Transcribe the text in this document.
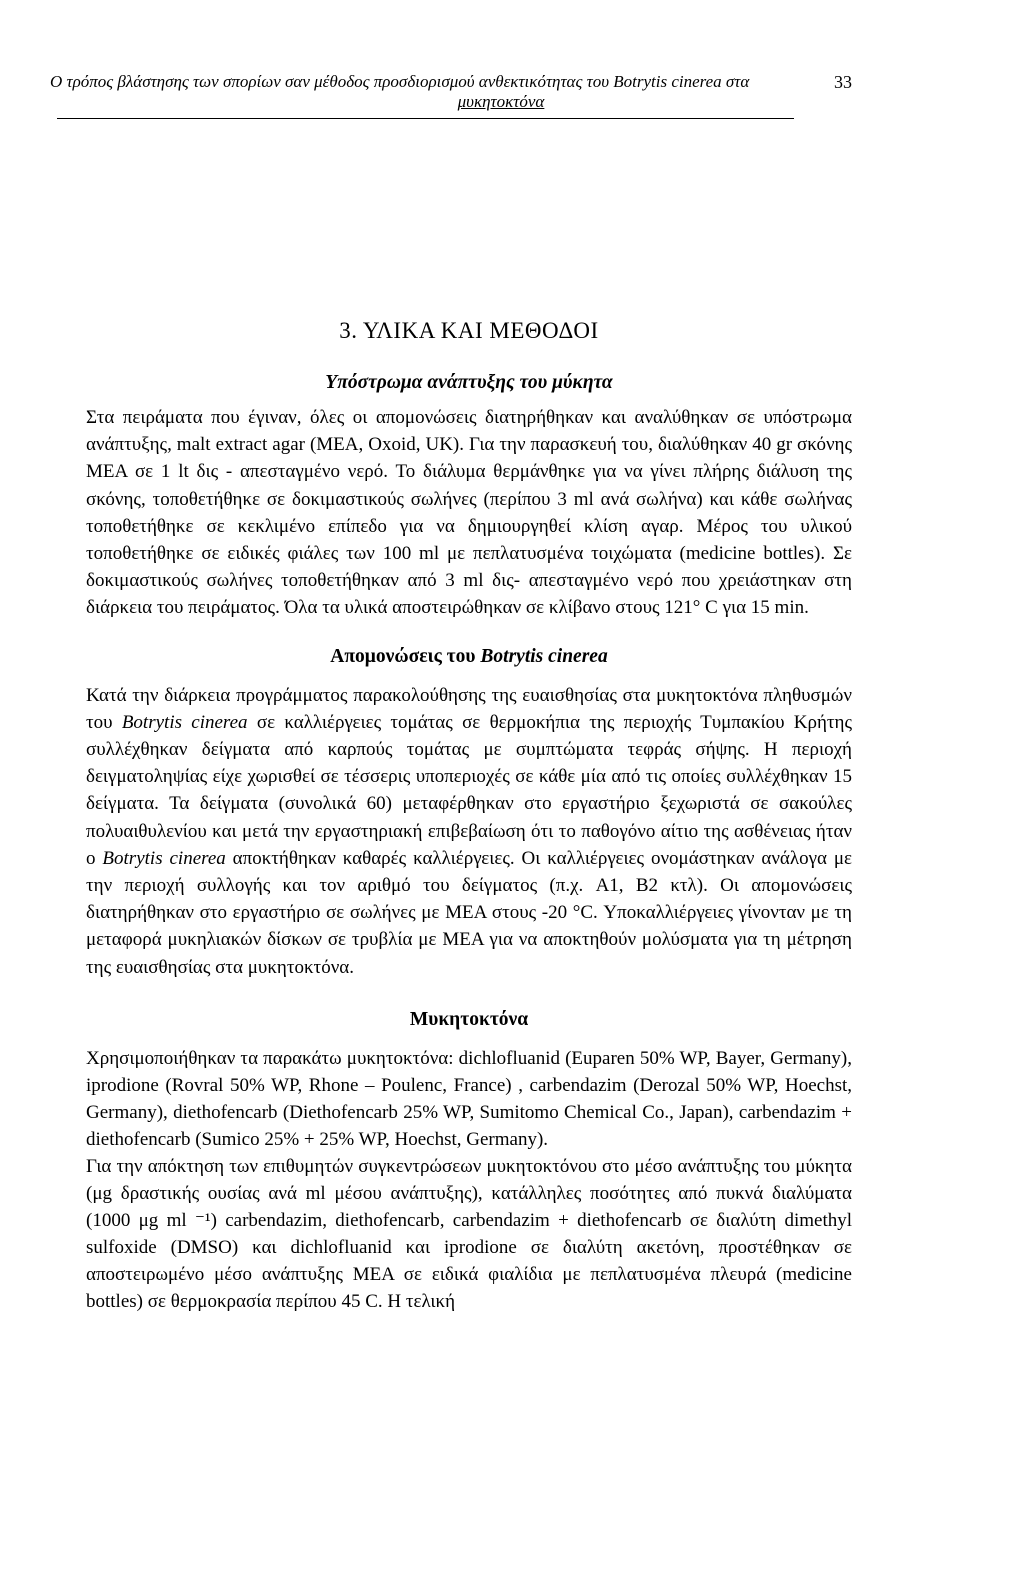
Ο τρόπος βλάστησης των σπορίων σαν μέθοδος προσδιορισμού ανθεκτικότητας του Botrytis cinerea στα
μυκητοκτόνα
33
3. ΥΛΙΚΑ ΚΑΙ ΜΕΘΟΔΟΙ
Υπόστρωμα ανάπτυξης του μύκητα

Στα πειράματα που έγιναν, όλες οι απομονώσεις διατηρήθηκαν και αναλύθηκαν σε υπόστρωμα ανάπτυξης, malt extract agar (MEA, Oxoid, UK). Για την παρασκευή του, διαλύθηκαν 40 gr σκόνης MEA σε 1 lt δις - απεσταγμένο νερό. Το διάλυμα θερμάνθηκε για να γίνει πλήρης διάλυση της σκόνης, τοποθετήθηκε σε δοκιμαστικούς σωλήνες (περίπου 3 ml ανά σωλήνα) και κάθε σωλήνας τοποθετήθηκε σε κεκλιμένο επίπεδο για να δημιουργηθεί κλίση αγαρ. Μέρος του υλικού τοποθετήθηκε σε ειδικές φιάλες των 100 ml με πεπλατυσμένα τοιχώματα (medicine bottles). Σε δοκιμαστικούς σωλήνες τοποθετήθηκαν από 3 ml δις- απεσταγμένο νερό που χρειάστηκαν στη διάρκεια του πειράματος. Όλα τα υλικά αποστειρώθηκαν σε κλίβανο στους 121° C για 15 min.

Απομονώσεις του Botrytis cinerea

Κατά την διάρκεια προγράμματος παρακολούθησης της ευαισθησίας στα μυκητοκτόνα πληθυσμών του Botrytis cinerea σε καλλιέργειες τομάτας σε θερμοκήπια της περιοχής Τυμπακίου Κρήτης συλλέχθηκαν δείγματα από καρπούς τομάτας με συμπτώματα τεφράς σήψης. Η περιοχή δειγματοληψίας είχε χωρισθεί σε τέσσερις υποπεριοχές σε κάθε μία από τις οποίες συλλέχθηκαν 15 δείγματα. Τα δείγματα (συνολικά 60) μεταφέρθηκαν στο εργαστήριο ξεχωριστά σε σακούλες πολυαιθυλενίου και μετά την εργαστηριακή επιβεβαίωση ότι το παθογόνο αίτιο της ασθένειας ήταν ο Botrytis cinerea αποκτήθηκαν καθαρές καλλιέργειες. Οι καλλιέργειες ονομάστηκαν ανάλογα με την περιοχή συλλογής και τον αριθμό του δείγματος (π.χ. A1, B2 κτλ). Οι απομονώσεις διατηρήθηκαν στο εργαστήριο σε σωλήνες με MEA στους -20 °C. Υποκαλλιέργειες γίνονταν με τη μεταφορά μυκηλιακών δίσκων σε τρυβλία με MEA για να αποκτηθούν μολύσματα για τη μέτρηση της ευαισθησίας στα μυκητοκτόνα.

Μυκητοκτόνα

Χρησιμοποιήθηκαν τα παρακάτω μυκητοκτόνα: dichlofluanid (Euparen 50% WP, Bayer, Germany), iprodione (Rovral 50% WP, Rhone – Poulenc, France) , carbendazim (Derozal 50% WP, Hoechst, Germany), diethofencarb (Diethofencarb 25% WP, Sumitomo Chemical Co., Japan), carbendazim + diethofencarb (Sumico 25% + 25% WP, Hoechst, Germany).

Για την απόκτηση των επιθυμητών συγκεντρώσεων μυκητοκτόνου στο μέσο ανάπτυξης του μύκητα (μg δραστικής ουσίας ανά ml μέσου ανάπτυξης), κατάλληλες ποσότητες από πυκνά διαλύματα (1000 μg ml ⁻¹) carbendazim, diethofencarb, carbendazim + diethofencarb σε διαλύτη dimethyl sulfoxide (DMSO) και dichlofluanid και iprodione σε διαλύτη ακετόνη, προστέθηκαν σε αποστειρωμένο μέσο ανάπτυξης MEA σε ειδικά φιαλίδια με πεπλατυσμένα πλευρά (medicine bottles) σε θερμοκρασία περίπου 45 C. Η τελική
